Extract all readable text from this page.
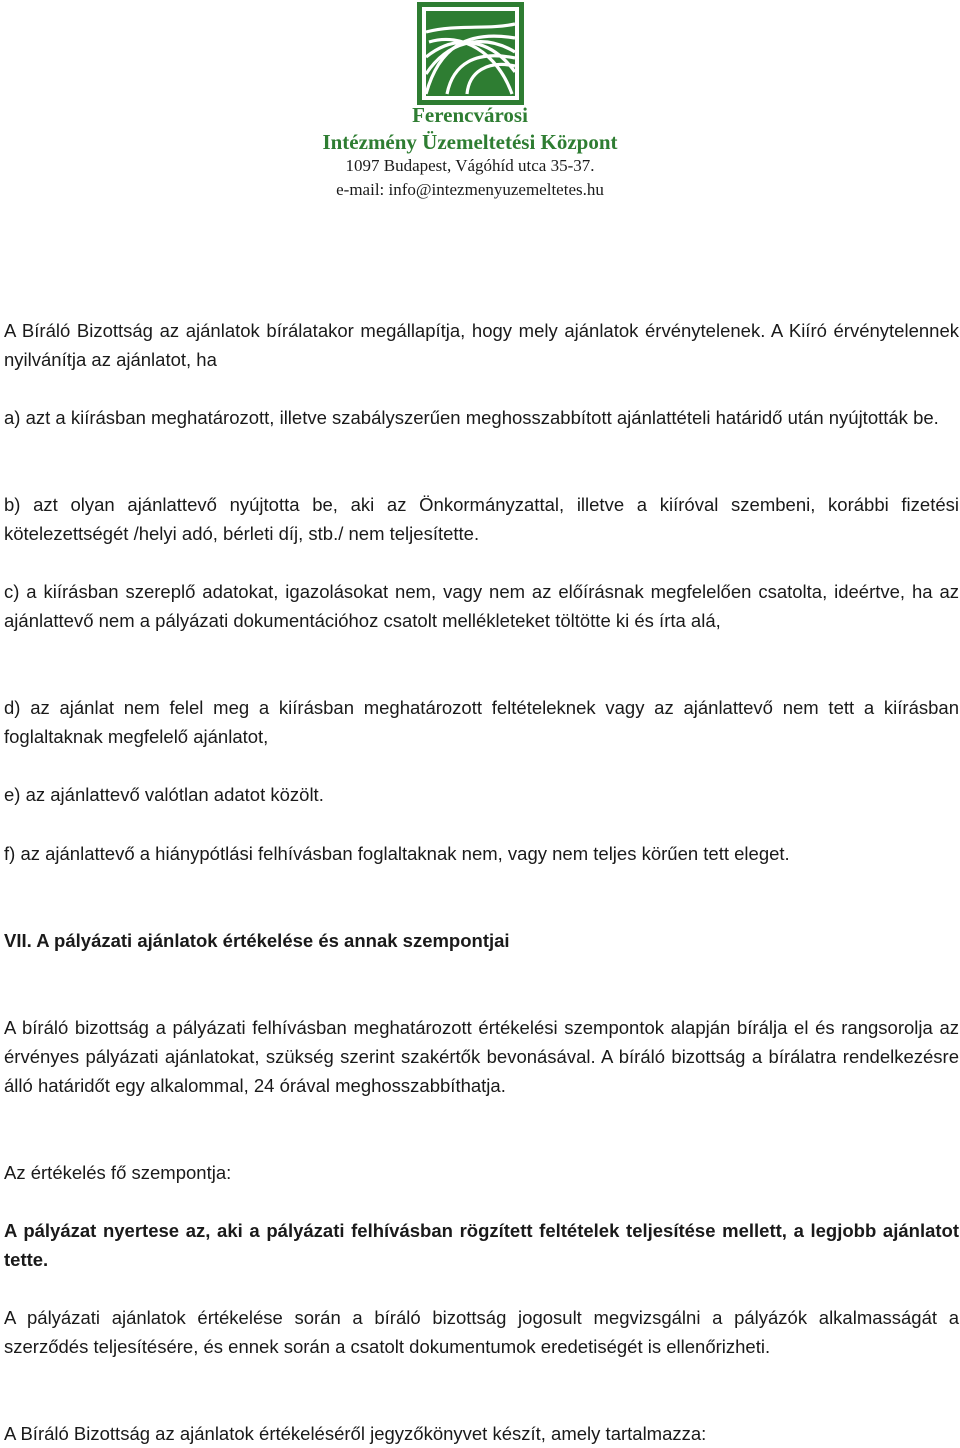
Ferencvárosi
Intézmény Üzemeltetési Központ
1097 Budapest, Vágóhíd utca 35-37.
e-mail: info@intezmenyuzemeltetes.hu

A Bíráló Bizottság az ajánlatok bírálatakor megállapítja, hogy mely ajánlatok érvénytelenek. A Kiíró érvénytelennek nyilvánítja az ajánlatot, ha

a) azt a kiírásban meghatározott, illetve szabályszerűen meghosszabbított ajánlattételi határidő után nyújtották be.

b) azt olyan ajánlattevő nyújtotta be, aki az Önkormányzattal, illetve a kiíróval szembeni, korábbi fizetési kötelezettségét /helyi adó, bérleti díj, stb./ nem teljesítette.

c) a kiírásban szereplő adatokat, igazolásokat nem, vagy nem az előírásnak megfelelően csatolta, ideértve, ha az ajánlattevő nem a pályázati dokumentációhoz csatolt mellékleteket töltötte ki és írta alá,

d) az ajánlat nem felel meg a kiírásban meghatározott feltételeknek vagy az ajánlattevő nem tett a kiírásban foglaltaknak megfelelő ajánlatot,

e) az ajánlattevő valótlan adatot közölt.

f) az ajánlattevő a hiánypótlási felhívásban foglaltaknak nem, vagy nem teljes körűen tett eleget.

VII. A pályázati ajánlatok értékelése és annak szempontjai

A bíráló bizottság a pályázati felhívásban meghatározott értékelési szempontok alapján bírálja el és rangsorolja az érvényes pályázati ajánlatokat, szükség szerint szakértők bevonásával. A bíráló bizottság a bírálatra rendelkezésre álló határidőt egy alkalommal, 24 órával meghosszabbíthatja.

Az értékelés fő szempontja:

A pályázat nyertese az, aki a pályázati felhívásban rögzített feltételek teljesítése mellett, a legjobb ajánlatot tette.

A pályázati ajánlatok értékelése során a bíráló bizottság jogosult megvizsgálni a pályázók alkalmasságát a szerződés teljesítésére, és ennek során a csatolt dokumentumok eredetiségét is ellenőrizheti.

A Bíráló Bizottság az ajánlatok értékeléséről jegyzőkönyvet készít, amely tartalmazza:
